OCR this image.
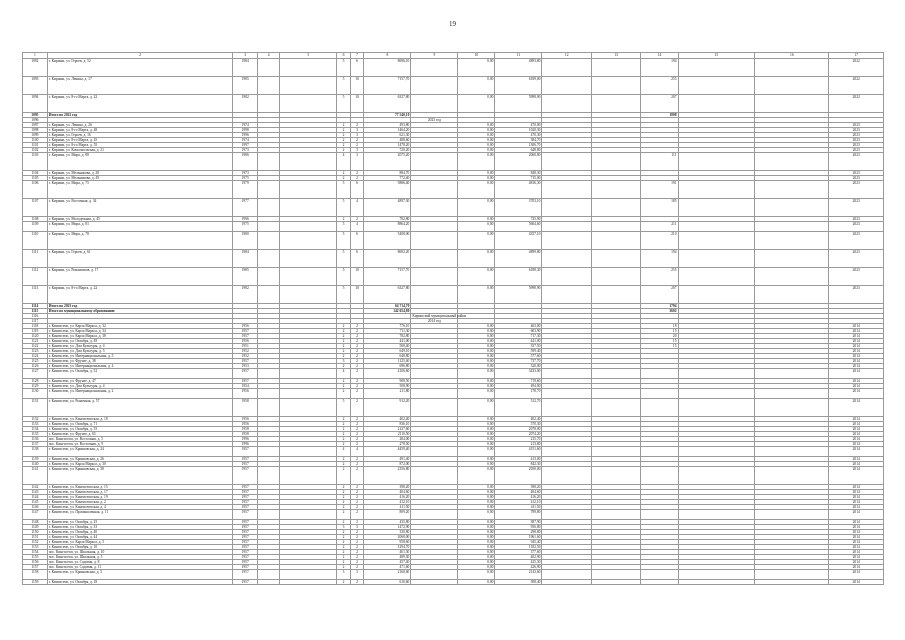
19
1	2	3	4	5	6	7	8	9	10	11	12	13	14	15	16	17
1092	г. Кириши, ул. Героев, д. 52	1984			5	6	8696,10		0,00	4893,80			194			2022
1093	г. Кириши, ул. Ленина, д. 17	1985			5	10	7157,70		0,00	6189,00			255			2022
1094	г. Кириши, ул. 8-го Марта, д. 22	1982			5	10	6327,80		0,00	5998,90			207			2022
1095	Итого по 2022 год						77 540,10						1808			
1096								2023 год								
1097	г. Кириши, ул. Ленина, д. 26	1974			2	2	493,80		0,00	470,00						2023
1098	г. Кириши, ул. 8-го Марта, д. 48	1998			2	3	1464,20		0,00	1020,30						2023
1099	г. Кириши, ул. Героев, д. 16	1996			2	3	621,30		0,00	470,30						2023
1100	г. Кириши, ул. 8-го Марта, д. 45	1974			2	2	488,60		0,00	384,70						2023
1101	г. Кириши, ул. 8-го Марта, д. 55	1997			2	2	1478,20		0,00	1306,70						2023
1102	г. Кириши, ул. Комсомольская, д. 21	1973			2	3	720,20		0,00	648,80						2023
1103	г. Кириши, ул. Мира, д. 88	1986			4	3	2075,20		0,00	2060,80			111			2023
1104	г. Кириши, ул. Мельникова, д. 28	1973			2	2	884,70		0,00	848,30						2023
1105	г. Кириши, ул. Мельникова, д. 49	1975			2	2	772,40		0,00	715,00						2023
1106	г. Кириши, ул. Мира, д. 75	1979			5	6	5886,40		0,00	4816,30			191			2023
1107	г. Кириши, ул. Восточная, д. 34	1977			5	4	4897,30		0,00	3703,10			185			2023
1108	г. Кириши, ул. Молодежная, д. 45	1996			2	2	782,80		0,00	725,90						2023
1109	г. Кириши, ул. Мира, д. 81	1975			5	4	8864,20		0,00	5604,60			211			2023
1110	г. Кириши, ул. Мира, д. 78	1980			5	6	5408,00		0,00	4357,10			210			2023
1111	г. Кириши, ул. Героев, д. 61	1984			5	6	8692,20		0,00	4899,80			194			2023
1112	г. Кириши, ул. Романтиков, д. 17	1985			5	10	7157,70		0,00	6188,30			255			2023
1113	г. Кириши, ул. 8-го Марта, д. 22	1982			5	10	6327,80		0,00	5998,90			207			2023
1114	Итого по 2023 год						64 714,70						1794			
1115	Итого по муниципальному образованию						142 654,80						3602			
1116								Киришский муниципальный район								
1117								2014 год								
1118	г. Кингисепп, ул. Карла Маркса, д. 32	1956			2	2	776,10		0,00	463,00			18			2014
1119	г. Кингисепп, ул. Карла Маркса, д. 34	1957			2	2	711,30		0,00	603,90			15			2014
1120	г. Кингисепп, ул. Карла Маркса, д. 38	1957			2	2	782,80		0,00	717,30			20			2014
1121	г. Кингисепп, ул. Октября, д. 49	1956			2	2	441,00		0,00	441,00			15			2014
1122	г. Кингисепп, ул. Дом Культуры, д. 4	1951			2	2	508,40		0,00	357,50			15			2014
1123	г. Кингисепп, ул. Дом Культуры, д. 5	1952			2	2	649,10		0,00	599,40						2014
1124	г. Кингисепп, ул. Интернациональная, д. 5	1952			2	2	648,80		0,00	577,60						2014
1125	г. Кингисепп, ул. Фрунзе, д. 38	1957			3	2	1125,40		0,00	737,70						2014
1126	г. Кингисепп, ул. Интернациональная, д. 4	1953			2	2	696,80		0,00	320,00						2014
1127	г. Кингисепп, ул. Октября, д. 52	1957			4	2	4106,60		0,00	3433,00						2014
1128	г. Кингисепп, ул. Фрунзе, д. 47	1957			2	2	908,50		0,00	719,60						2014
1129	г. Кингисепп, ул. Дом Культуры, д. 4	1954			2	2	508,90		0,00	494,00						2014
1130	г. Кингисепп, ул. Интернациональная, д. 2	1956			2	2	211,80		0,00	178,70						2014
1131	г. Кингисепп, ул. Рыночная, д. 57	1958			5	2	912,20		0,00	512,70						2014
1132	г. Кингисепп, ул. Кингисеппская, д. 18	1956			2	2	402,40		0,00	402,40						2014
1133	г. Кингисепп, ул. Октября, д. 71	1956			2	2	836,10		0,00	570,30						2014
1134	г. Кингисепп, ул. Октября, д. 55	1958			2	2	2127,60		0,00	2078,00						2014
1135	г. Кингисепп, ул. Фрунзе, д. 65	1958			2	2	2110,50		0,00	2074,20						2014
1136	пос. Кингисепп, ул. Восточная, д. 5	1996			2	2	284,00		0,00	215,70						2014
1137	пос. Кингисепп, ул. Восточная, д. 9	1996			2	2	278,50		0,00	213,80						2014
1138	г. Кингисепп, ул. Крикковская, д. 24	1957			4	4	4459,40		0,00	4151,60						2014
1139	г. Кингисепп, ул. Крикковская, д. 26	1957			2	2	491,40		0,00	413,00						2014
1140	г. Кингисепп, ул. Карла Маркса, д. 30	1957			2	2	872,00		0,00	842,30						2014
1141	г. Кингисепп, ул. Крикковская, д. 38	1957			2	2	2356,80		0,00	2050,00						2014
1142	г. Кингисепп, ул. Кингисеппская, д. 15	1957			2	2	398,20		0,00	398,20						2014
1143	г. Кингисепп, ул. Кингисеппская, д. 17	1957			2	2	404,60		0,00	404,60						2014
1144	г. Кингисепп, ул. Кингисеппская, д. 19	1957			2	2	416,20		0,00	416,20						2014
1145	г. Кингисепп, ул. Кингисеппская, д. 2	1957			2	2	412,10		0,00	412,10						2014
1146	г. Кингисепп, ул. Кингисеппская, д. 4	1957			2	2	411,50		0,00	411,50						2014
1147	г. Кингисепп, ул. Промышленная, д. 11	1957			2	2	809,20		0,00	789,80						2014
1148	г. Кингисепп, ул. Октября, д. 25	1957			2	2	435,80		0,00	387,90						2014
1149	г. Кингисепп, ул. Октября, д. 33	1957			3	3	1472,90		0,00	956,80						2014
1150	г. Кингисепп, ул. Октября, д. 40	1957			2	2	330,80		0,00	298,80						2014
1151	г. Кингисепп, ул. Октября, д. 44	1957			2	2	2068,00		0,00	1961,60						2014
1152	г. Кингисепп, ул. Карла Маркса, д. 5	1957			2	2	958,60		0,00	945,40						2014
1153	г. Кингисепп, ул. Октября, д. 10	1957			2	2	1294,70		0,00	1182,50						2014
1154	пос. Кингисепп, ул. Школьная, д. 10	1957			2	2	401,30		0,00	377,60						2014
1155	пос. Кингисепп, ул. Школьная, д. 5	1957			2	2	489,30		0,00	402,90						2014
1156	пос. Кингисепп, ул. Садовая, д. 8	1957			2	2	457,40		0,00	425,30						2014
1157	пос. Кингисепп, ул. Садовая, д. 11	1957			2	2	471,60		0,00	426,90						2014
1158	г. Кингисепп, ул. Крикковская, д. 5	1957			3	3	2160,60		0,00	2143,60						2014
1159	г. Кингисепп, ул. Октября, д. 18	1957			2	2	610,60		0,00	508,40						2014
